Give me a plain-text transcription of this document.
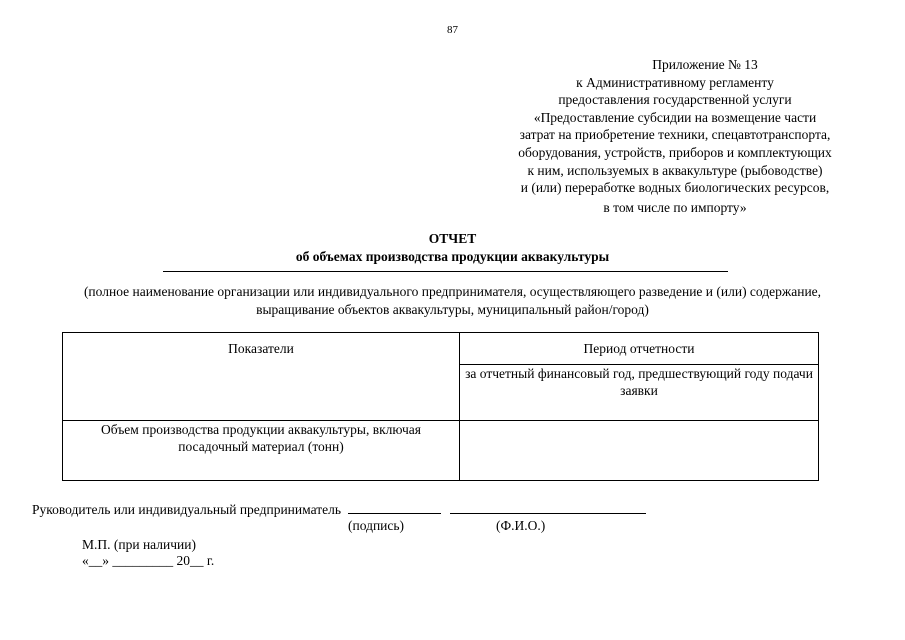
87
Приложение № 13
к Административному регламенту
предоставления государственной услуги
«Предоставление субсидии на возмещение части
затрат на приобретение техники, спецавтотранспорта,
оборудования, устройств, приборов и комплектующих
к ним, используемых в аквакультуре (рыбоводстве)
и (или) переработке водных биологических ресурсов,
в том числе по импорту»
ОТЧЕТ
об объемах производства продукции аквакультуры
(полное наименование организации или индивидуального предпринимателя, осуществляющего разведение и (или) содержание,
выращивание объектов аквакультуры, муниципальный район/город)
Показатели	Период отчетности
	за отчетный финансовый год, предшествующий году подачи заявки
Объем производства продукции аквакультуры, включая посадочный материал (тонн)	
Руководитель или индивидуальный предприниматель
(подпись)	(Ф.И.О.)
М.П. (при наличии)
«__» _________ 20__ г.
